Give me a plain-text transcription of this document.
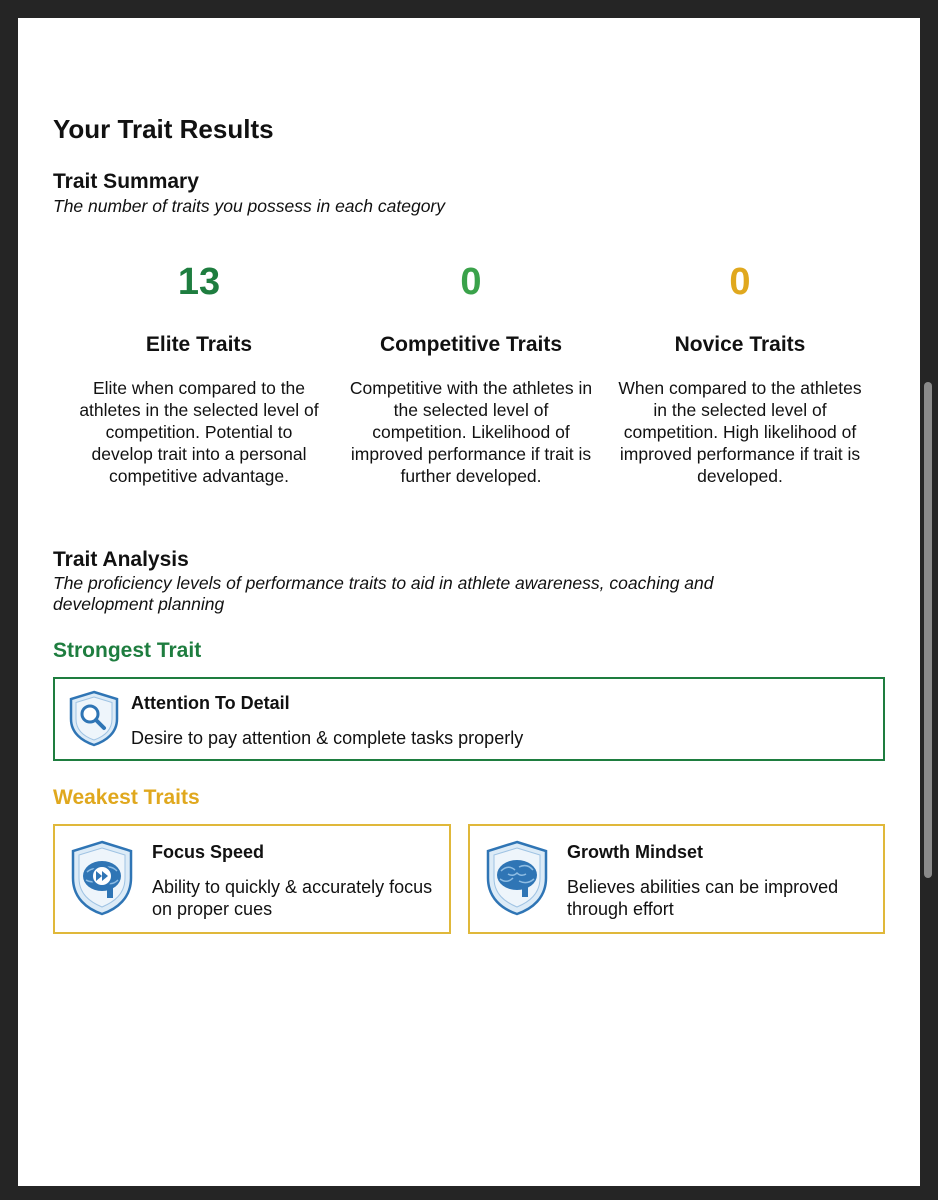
Your Trait Results
Trait Summary

The number of traits you possess in each category

13
Elite Traits
Elite when compared to the athletes in the selected level of competition. Potential to develop trait into a personal competitive advantage.
0
Competitive Traits
Competitive with the athletes in the selected level of competition. Likelihood of improved performance if trait is further developed.
0
Novice Traits
When compared to the athletes in the selected level of competition. High likelihood of improved performance if trait is developed.
Trait Analysis

The proficiency levels of performance traits to aid in athlete awareness, coaching and development planning

Strongest Trait
Attention To Detail
Desire to pay attention & complete tasks properly
Weakest Traits
Focus Speed
Ability to quickly & accurately focus on proper cues
Growth Mindset
Believes abilities can be improved through effort
